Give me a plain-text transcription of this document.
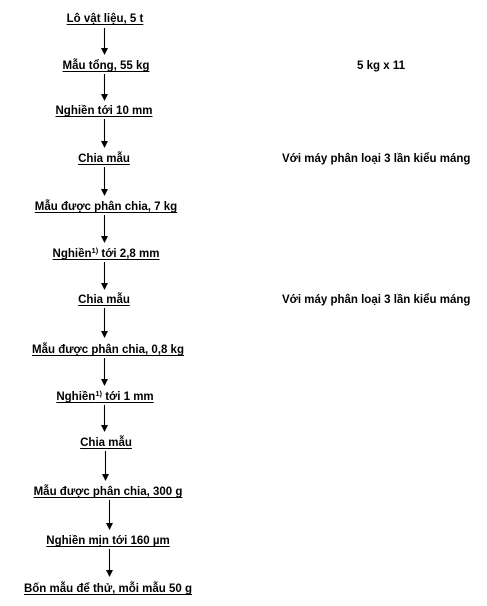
Lô vật liệu, 5 t
Mẫu tổng, 55 kg	5 kg x 11
Nghiền tới 10 mm
Chia mẫu	Với máy phân loại 3 lần kiểu máng
Mẫu được phân chia, 7 kg
Nghiền$^{1)}$ tới 2,8 mm
Chia mẫu	Với máy phân loại 3 lần kiểu máng
Mẫu được phân chia, 0,8 kg
Nghiền$^{1)}$ tới 1 mm
Chia mẫu
Mẫu được phân chia, 300 g
Nghiền mịn tới 160 µm
Bốn mẫu để thử, mỗi mẫu 50 g
